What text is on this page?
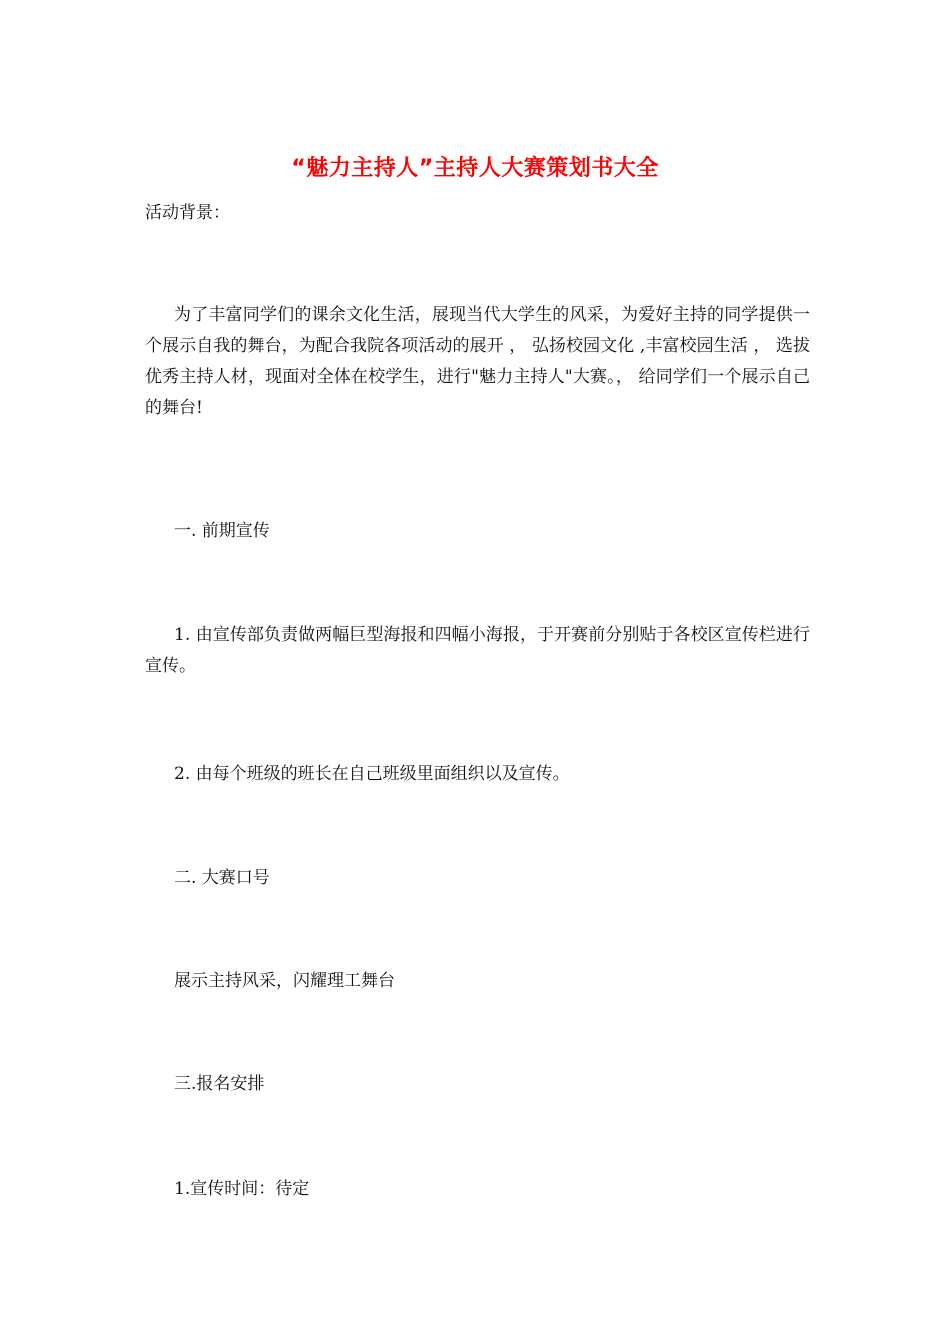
“魅力主持人”主持人大赛策划书大全
活动背景：
为了丰富同学们的课余文化生活，展现当代大学生的风采，为爱好主持的同学提供一个展示自我的舞台，为配合我院各项活动的展开 ， 弘扬校园文化 ,丰富校园生活 ， 选拔优秀主持人材，现面对全体在校学生，进行"魅力主持人"大赛。， 给同学们一个展示自己的舞台!
一. 前期宣传
1. 由宣传部负责做两幅巨型海报和四幅小海报，于开赛前分别贴于各校区宣传栏进行宣传。
2. 由每个班级的班长在自己班级里面组织以及宣传。
二. 大赛口号
展示主持风采，闪耀理工舞台
三.报名安排
1.宣传时间：待定
